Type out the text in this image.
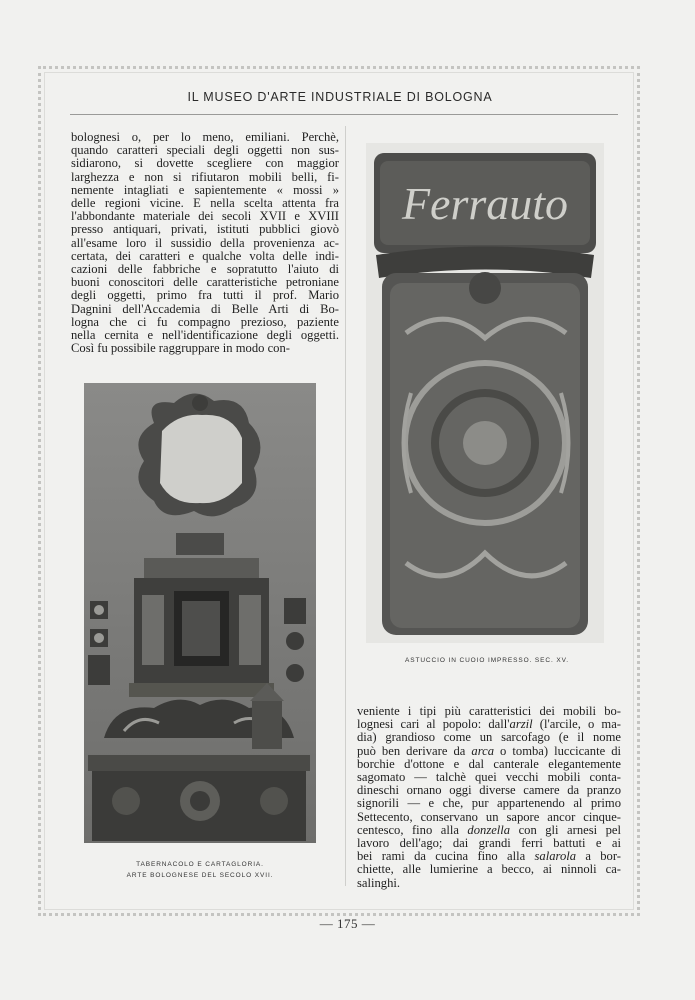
IL MUSEO D'ARTE INDUSTRIALE DI BOLOGNA
bolognesi o, per lo meno, emiliani. Perchè,
quando caratteri speciali degli oggetti non sus-
sidiarono, si dovette scegliere con maggior
larghezza e non si rifiutaron mobili belli, fi-
nemente intagliati e sapientemente « mossi »
delle regioni vicine. E nella scelta attenta fra
l'abbondante materiale dei secoli XVII e XVIII
presso antiquari, privati, istituti pubblici giovò
all'esame loro il sussidio della provenienza ac-
certata, dei caratteri e qualche volta delle indi-
cazioni delle fabbriche e sopratutto l'aiuto di
buoni conoscitori delle caratteristiche petroniane
degli oggetti, primo fra tutti il prof. Mario
Dagnini dell'Accademia di Belle Arti di Bo-
logna che ci fu compagno prezioso, paziente
nella cernita e nell'identificazione degli oggetti.
Così fu possibile raggruppare in modo con-
TABERNACOLO E CARTAGLORIA.
ARTE BOLOGNESE DEL SECOLO XVII.
Ferrauto
ASTUCCIO IN CUOIO IMPRESSO. SEC. XV.
veniente i tipi più caratteristici dei mobili bo-
lognesi cari al popolo: dall'arzil (l'arcile, o ma-
dia) grandioso come un sarcofago (e il nome
può ben derivare da arca o tomba) luccicante di
borchie d'ottone e dal canterale elegantemente
sagomato — talchè quei vecchi mobili conta-
dineschi ornano oggi diverse camere da pranzo
signorili — e che, pur appartenendo al primo
Settecento, conservano un sapore ancor cinque-
centesco, fino alla donzella con gli arnesi pel
lavoro dell'ago; dai grandi ferri battuti e ai
bei rami da cucina fino alla salarola a bor-
chiette, alle lumierine a becco, ai ninnoli ca-
salinghi.
— 175 —
